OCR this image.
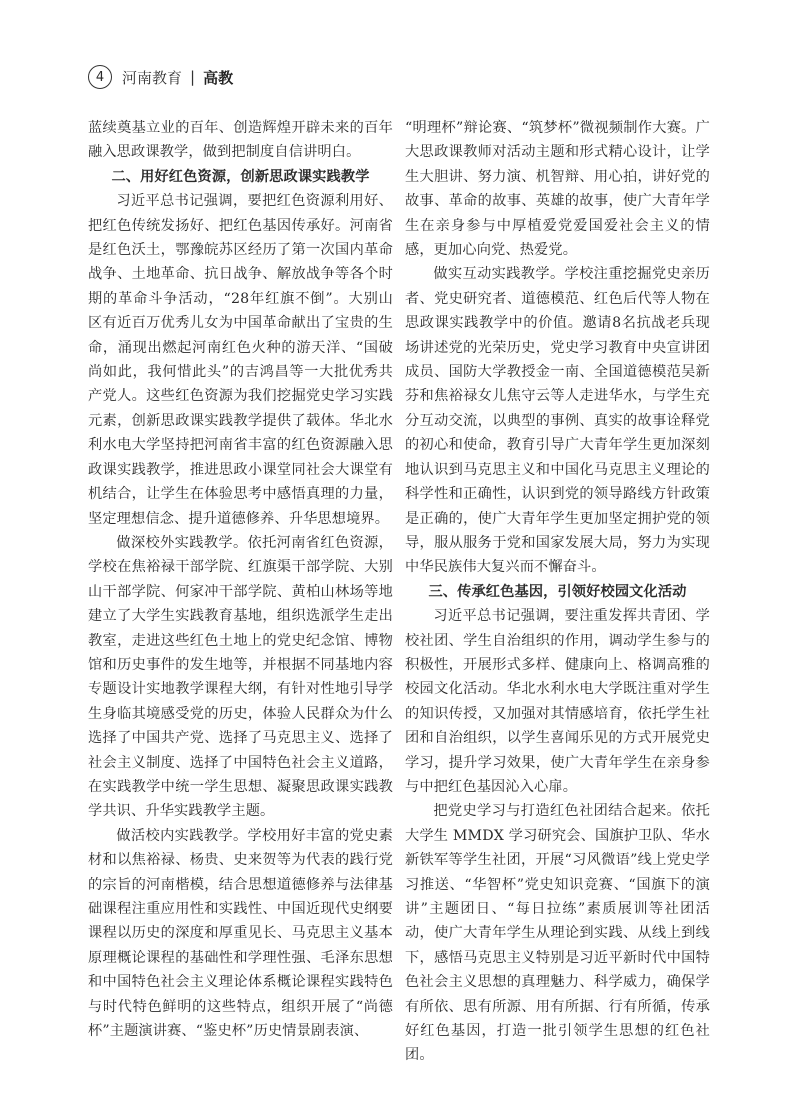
4	河南教育 | 高教

蓝续奠基立业的百年、创造辉煌开辟未来的百年融入思政课教学，做到把制度自信讲明白。

二、用好红色资源，创新思政课实践教学

习近平总书记强调，要把红色资源利用好、把红色传统发扬好、把红色基因传承好。河南省是红色沃土，鄂豫皖苏区经历了第一次国内革命战争、土地革命、抗日战争、解放战争等各个时期的革命斗争活动，“28年红旗不倒”。大别山区有近百万优秀儿女为中国革命献出了宝贵的生命，涌现出燃起河南红色火种的游天洋、“国破尚如此，我何惜此头”的吉鸿昌等一大批优秀共产党人。这些红色资源为我们挖掘党史学习实践元素，创新思政课实践教学提供了载体。华北水利水电大学坚持把河南省丰富的红色资源融入思政课实践教学，推进思政小课堂同社会大课堂有机结合，让学生在体验思考中感悟真理的力量，坚定理想信念、提升道德修养、升华思想境界。

做深校外实践教学。依托河南省红色资源，学校在焦裕禄干部学院、红旗渠干部学院、大别山干部学院、何家冲干部学院、黄柏山林场等地建立了大学生实践教育基地，组织选派学生走出教室，走进这些红色土地上的党史纪念馆、博物馆和历史事件的发生地等，并根据不同基地内容专题设计实地教学课程大纲，有针对性地引导学生身临其境感受党的历史，体验人民群众为什么选择了中国共产党、选择了马克思主义、选择了社会主义制度、选择了中国特色社会主义道路，在实践教学中统一学生思想、凝聚思政课实践教学共识、升华实践教学主题。

做活校内实践教学。学校用好丰富的党史素材和以焦裕禄、杨贵、史来贺等为代表的践行党的宗旨的河南楷模，结合思想道德修养与法律基础课程注重应用性和实践性、中国近现代史纲要课程以历史的深度和厚重见长、马克思主义基本原理概论课程的基础性和学理性强、毛泽东思想和中国特色社会主义理论体系概论课程实践特色与时代特色鲜明的这些特点，组织开展了“尚德杯”主题演讲赛、“鉴史杯”历史情景剧表演、

“明理杯”辩论赛、“筑梦杯”微视频制作大赛。广大思政课教师对活动主题和形式精心设计，让学生大胆讲、努力演、机智辩、用心拍，讲好党的故事、革命的故事、英雄的故事，使广大青年学生在亲身参与中厚植爱党爱国爱社会主义的情感，更加心向党、热爱党。

做实互动实践教学。学校注重挖掘党史亲历者、党史研究者、道德模范、红色后代等人物在思政课实践教学中的价值。邀请8名抗战老兵现场讲述党的光荣历史，党史学习教育中央宣讲团成员、国防大学教授金一南、全国道德模范吴新芬和焦裕禄女儿焦守云等人走进华水，与学生充分互动交流，以典型的事例、真实的故事诠释党的初心和使命，教育引导广大青年学生更加深刻地认识到马克思主义和中国化马克思主义理论的科学性和正确性，认识到党的领导路线方针政策是正确的，使广大青年学生更加坚定拥护党的领导，服从服务于党和国家发展大局，努力为实现中华民族伟大复兴而不懈奋斗。

三、传承红色基因，引领好校园文化活动

习近平总书记强调，要注重发挥共青团、学校社团、学生自治组织的作用，调动学生参与的积极性，开展形式多样、健康向上、格调高雅的校园文化活动。华北水利水电大学既注重对学生的知识传授，又加强对其情感培育，依托学生社团和自治组织，以学生喜闻乐见的方式开展党史学习，提升学习效果，使广大青年学生在亲身参与中把红色基因沁入心扉。

把党史学习与打造红色社团结合起来。依托大学生 MMDX 学习研究会、国旗护卫队、华水新铁军等学生社团，开展“习风微语”线上党史学习推送、“华智杯”党史知识竞赛、“国旗下的演讲”主题团日、“每日拉练”素质展训等社团活动，使广大青年学生从理论到实践、从线上到线下，感悟马克思主义特别是习近平新时代中国特色社会主义思想的真理魅力、科学威力，确保学有所依、思有所源、用有所据、行有所循，传承好红色基因，打造一批引领学生思想的红色社团。
